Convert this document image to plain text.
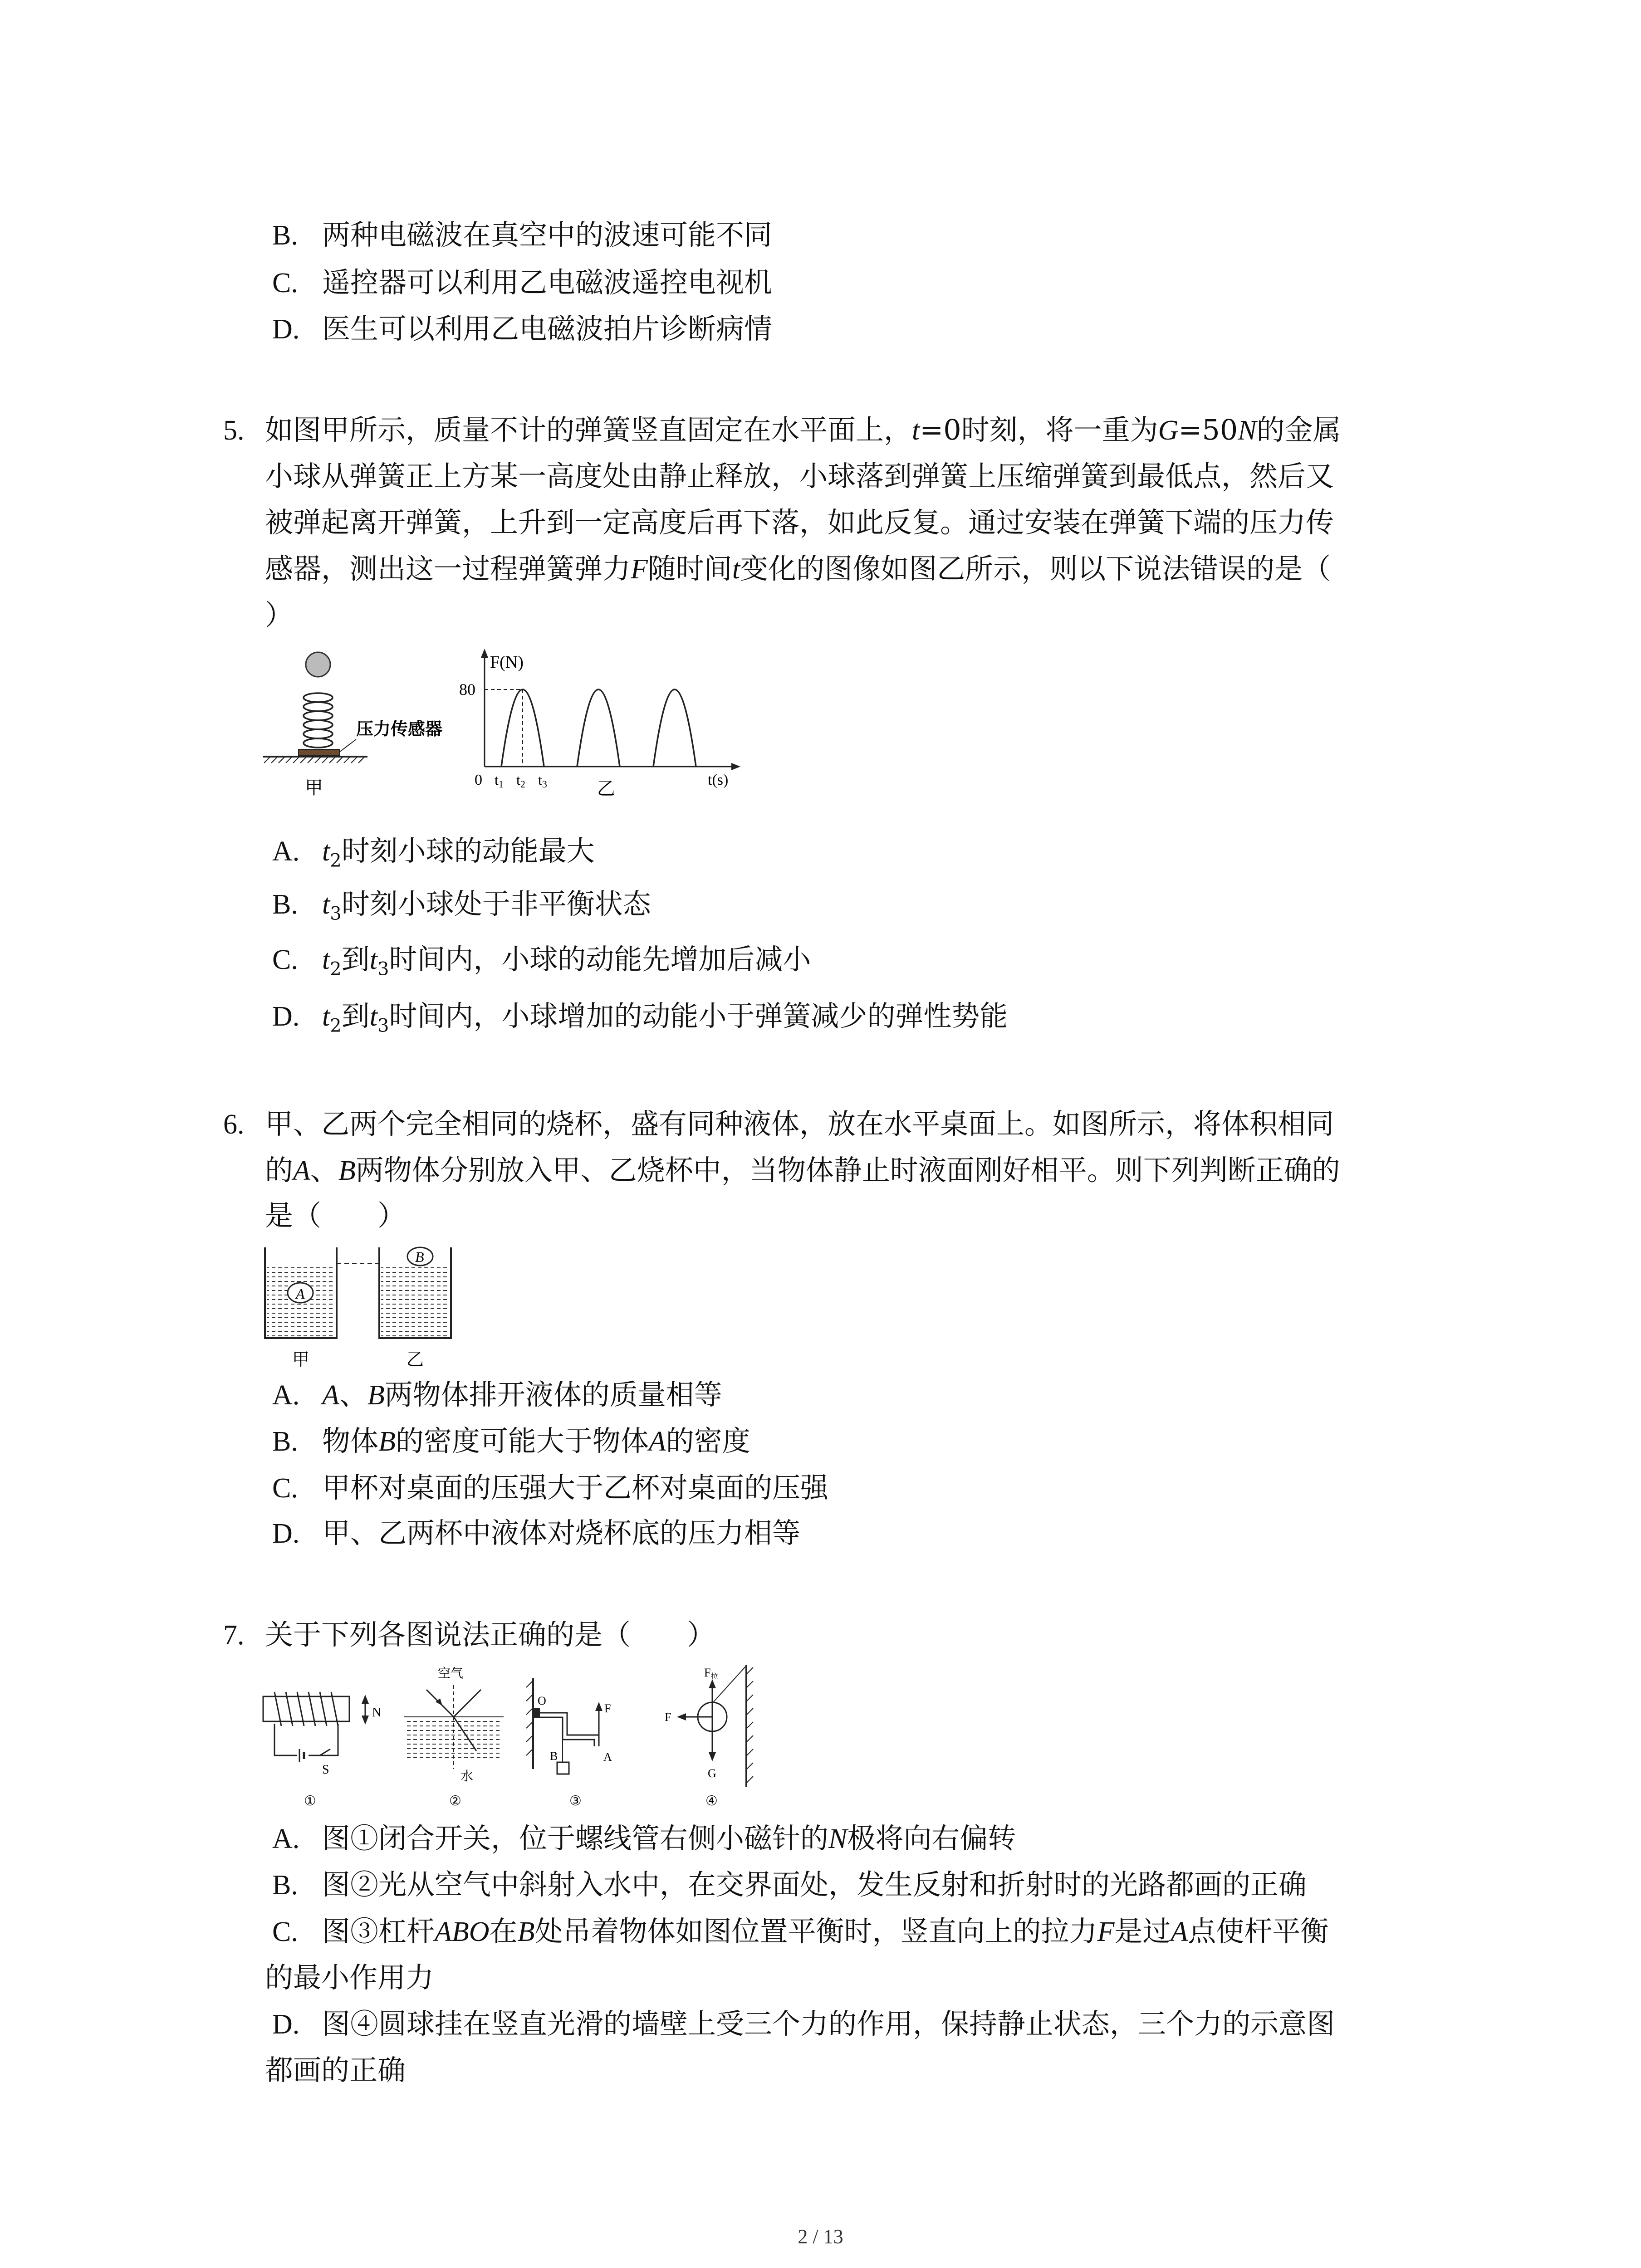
B. 两种电磁波在真空中的波速可能不同
C. 遥控器可以利用乙电磁波遥控电视机
D. 医生可以利用乙电磁波拍片诊断病情
5. 如图甲所示，质量不计的弹簧竖直固定在水平面上，t=0时刻，将一重为G=50N的金属
小球从弹簧正上方某一高度处由静止释放，小球落到弹簧上压缩弹簧到最低点，然后又
被弹起离开弹簧，上升到一定高度后再下落，如此反复。通过安装在弹簧下端的压力传
感器，测出这一过程弹簧弹力F随时间t变化的图像如图乙所示，则以下说法错误的是（
）
压力传感器
甲
F(N)
80
0 t1 t2 t3	t(s)
乙
A. $t_2$时刻小球的动能最大
B. $t_3$时刻小球处于非平衡状态
C. $t_2$到$t_3$时间内，小球的动能先增加后减小
D. $t_2$到$t_3$时间内，小球增加的动能小于弹簧减少的弹性势能
6. 甲、乙两个完全相同的烧杯，盛有同种液体，放在水平桌面上。如图所示，将体积相同
的A、B两物体分别放入甲、乙烧杯中，当物体静止时液面刚好相平。则下列判断正确的
是（　　）
A
甲
B
乙
A. A、B两物体排开液体的质量相等
B. 物体B的密度可能大于物体A的密度
C. 甲杯对桌面的压强大于乙杯对桌面的压强
D. 甲、乙两杯中液体对烧杯底的压力相等
7. 关于下列各图说法正确的是（　　）
S
N
①
空气
水
②
O
B	A
F
③
F拉
F
G
④
A. 图①闭合开关，位于螺线管右侧小磁针的N极将向右偏转
B. 图②光从空气中斜射入水中，在交界面处，发生反射和折射时的光路都画的正确
C. 图③杠杆ABO在B处吊着物体如图位置平衡时，竖直向上的拉力F是过A点使杆平衡
的最小作用力
D. 图④圆球挂在竖直光滑的墙壁上受三个力的作用，保持静止状态，三个力的示意图
都画的正确
2 / 13
